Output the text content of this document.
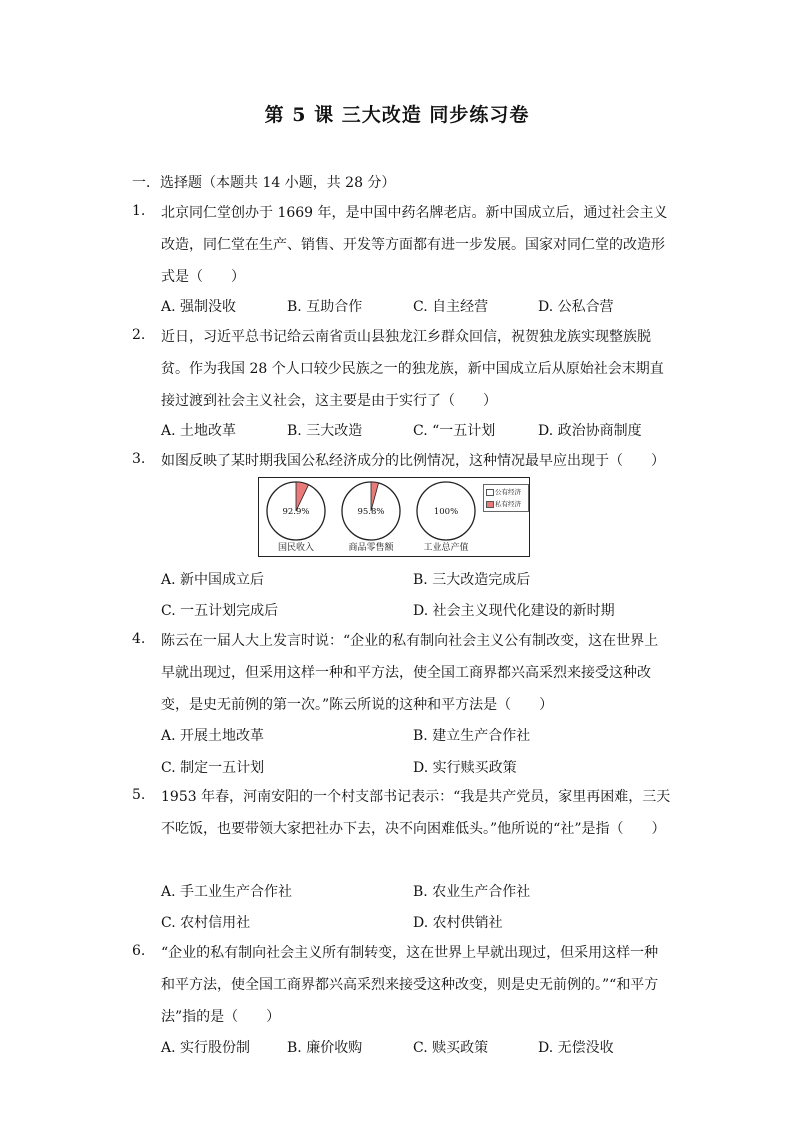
第 5 课 三大改造 同步练习卷
一．选择题（本题共 14 小题，共 28 分）
1.	北京同仁堂创办于 1669 年，是中国中药名牌老店。新中国成立后，通过社会主义改造，同仁堂在生产、销售、开发等方面都有进一步发展。国家对同仁堂的改造形式是（　　）
A. 强制没收	B. 互助合作	C. 自主经营	D. 公私合营
2.	近日，习近平总书记给云南省贡山县独龙江乡群众回信，祝贺独龙族实现整族脱贫。作为我国 28 个人口较少民族之一的独龙族，新中国成立后从原始社会末期直接过渡到社会主义社会，这主要是由于实行了（　　）
A. 土地改革	B. 三大改造	C. “一五计划	D. 政治协商制度
3.	如图反映了某时期我国公私经济成分的比例情况，这种情况最早应出现于（　　）
92.9%	95.8%	100%
国民收入	商品零售额	工业总产值
公有经济
私有经济
A. 新中国成立后	B. 三大改造完成后
C. 一五计划完成后	D. 社会主义现代化建设的新时期
4.	陈云在一届人大上发言时说：“企业的私有制向社会主义公有制改变，这在世界上早就出现过，但采用这样一种和平方法，使全国工商界都兴高采烈来接受这种改变，是史无前例的第一次。”陈云所说的这种和平方法是（　　）
A. 开展土地改革	B. 建立生产合作社
C. 制定一五计划	D. 实行赎买政策
5.	1953 年春，河南安阳的一个村支部书记表示：“我是共产党员，家里再困难，三天不吃饭，也要带领大家把社办下去，决不向困难低头。”他所说的“社”是指（　　）
A. 手工业生产合作社	B. 农业生产合作社
C. 农村信用社	D. 农村供销社
6.	“企业的私有制向社会主义所有制转变，这在世界上早就出现过，但采用这样一种和平方法，使全国工商界都兴高采烈来接受这种改变，则是史无前例的。”“和平方法”指的是（　　）
A. 实行股份制	B. 廉价收购	C. 赎买政策	D. 无偿没收
